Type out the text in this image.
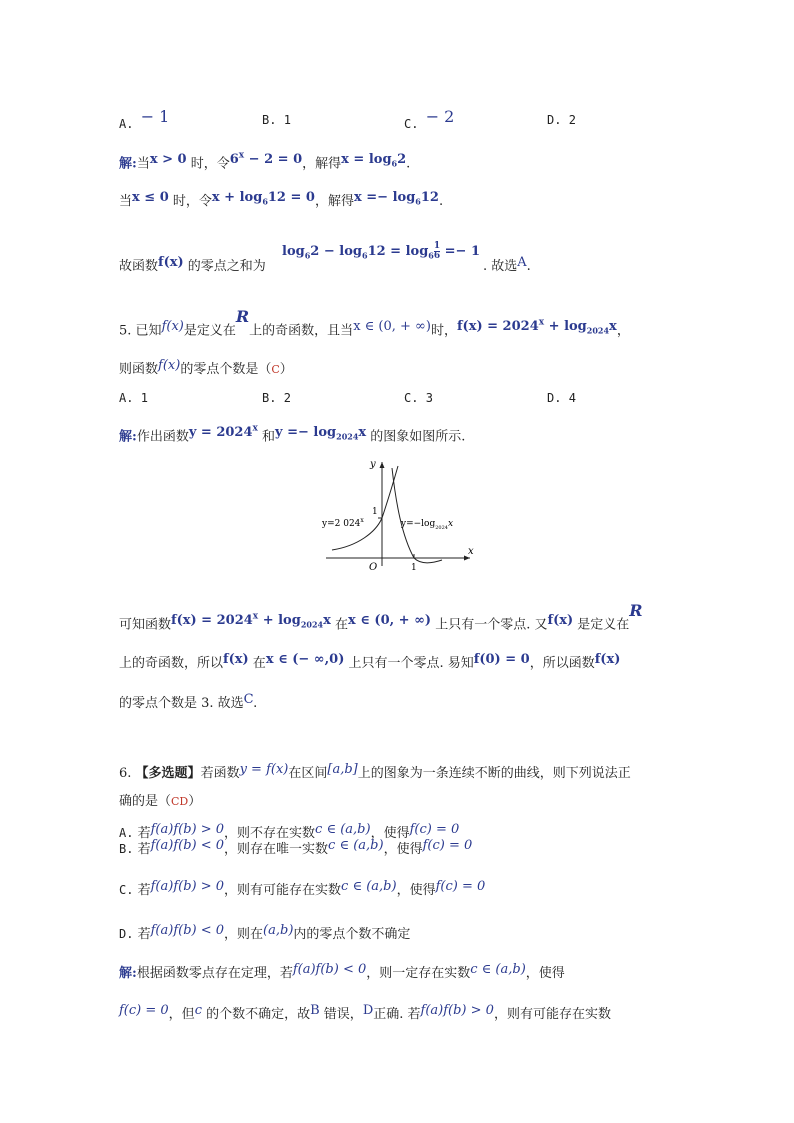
A. − 1	B. 1	C. − 2	D. 2
解:当x > 0 时，令$6^x - 2 = 0$，解得$x = \log_62$.
当x ≤ 0 时，令$x + \log_612 = 0$，解得$x =- \log_612$.
故函数f(x) 的零点之和为
$\log_62 - \log_612 = \log_6 \frac{1}{6} =- 1$
. 故选A.
5. 已知f(x)是定义在R上的奇函数，且当x ∈ (0, + ∞)时，$f(x) = 2024^x + \log_{2024}x$，
则函数f(x)的零点个数是（C）
A. 1	B. 2	C. 3	D. 4
解:作出函数$y = 2024^x$ 和$y =- \log_{2024}x$ 的图象如图所示.
x
y
O
1
1
y=2 024$^x$	$y=-\log_{2024}x$
可知函数$f(x) = 2024^x + \log_{2024}x$ 在x ∈ (0, + ∞) 上只有一个零点. 又f(x) 是定义在R
上的奇函数，所以f(x) 在x ∈ (− ∞,0) 上只有一个零点. 易知f(0) = 0，所以函数f(x)
的零点个数是 3. 故选C.
6. 【多选题】若函数y = f(x)在区间[a,b]上的图象为一条连续不断的曲线，则下列说法正
确的是（CD）
A. 若f(a)f(b) > 0，则不存在实数c ∈ (a,b)，使得f(c) = 0
B. 若f(a)f(b) < 0，则存在唯一实数c ∈ (a,b)，使得f(c) = 0
C. 若f(a)f(b) > 0，则有可能存在实数c ∈ (a,b)，使得f(c) = 0
D. 若f(a)f(b) < 0，则在(a,b)内的零点个数不确定
解:根据函数零点存在定理，若f(a)f(b) < 0，则一定存在实数c ∈ (a,b)，使得
f(c) = 0，但c 的个数不确定，故B 错误，D正确. 若f(a)f(b) > 0，则有可能存在实数
